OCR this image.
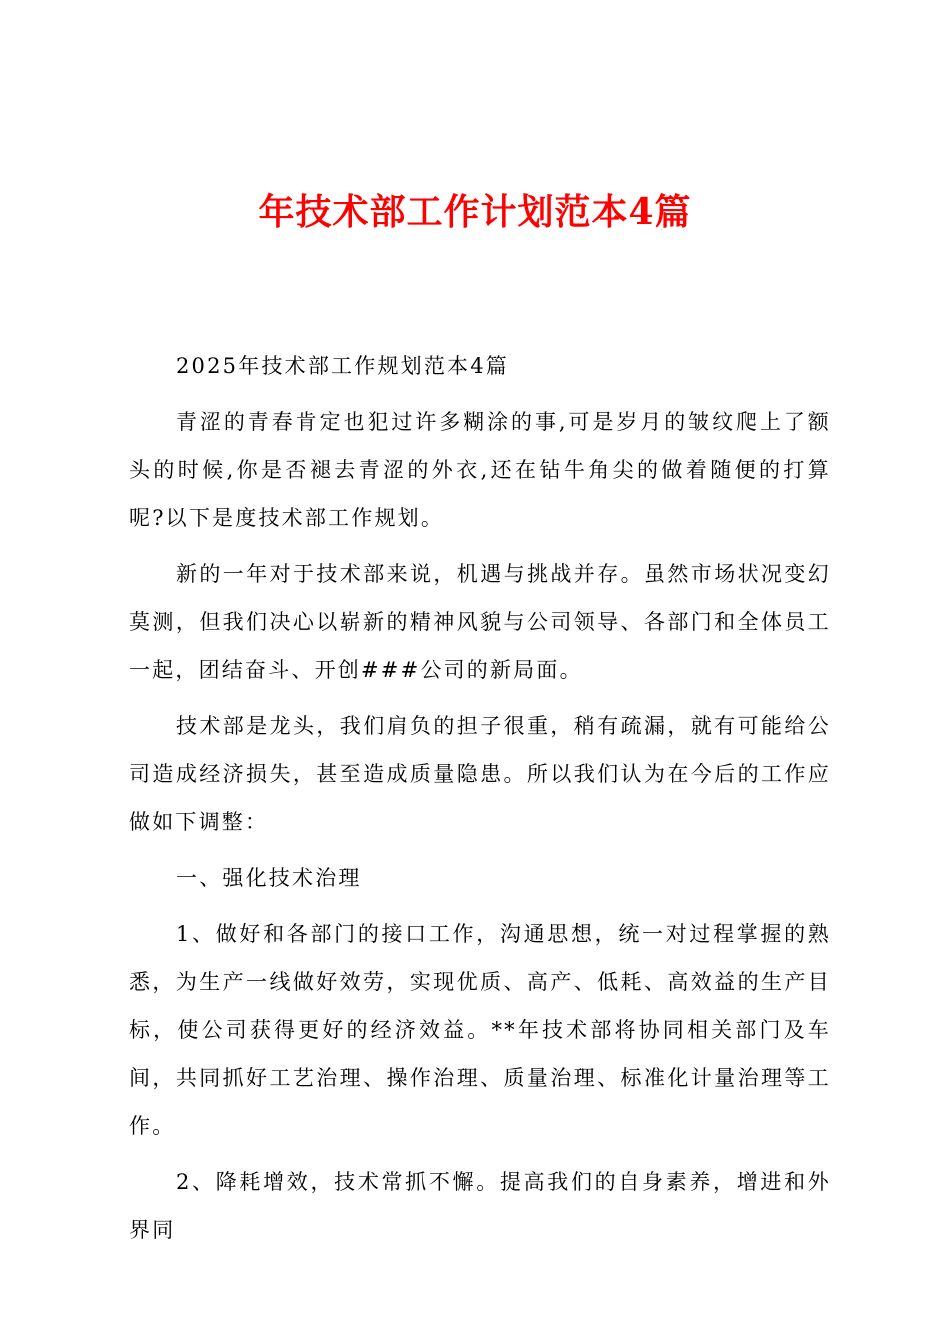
年技术部工作计划范本4篇

2025年技术部工作规划范本4篇

青涩的青春肯定也犯过许多糊涂的事,可是岁月的皱纹爬上了额头的时候,你是否褪去青涩的外衣,还在钻牛角尖的做着随便的打算呢?以下是度技术部工作规划。

新的一年对于技术部来说，机遇与挑战并存。虽然市场状况变幻莫测，但我们决心以崭新的精神风貌与公司领导、各部门和全体员工一起，团结奋斗、开创###公司的新局面。

技术部是龙头，我们肩负的担子很重，稍有疏漏，就有可能给公司造成经济损失，甚至造成质量隐患。所以我们认为在今后的工作应做如下调整：

一、强化技术治理

1、做好和各部门的接口工作，沟通思想，统一对过程掌握的熟悉，为生产一线做好效劳，实现优质、高产、低耗、高效益的生产目标，使公司获得更好的经济效益。**年技术部将协同相关部门及车间，共同抓好工艺治理、操作治理、质量治理、标准化计量治理等工作。

2、降耗增效，技术常抓不懈。提高我们的自身素养，增进和外界同
